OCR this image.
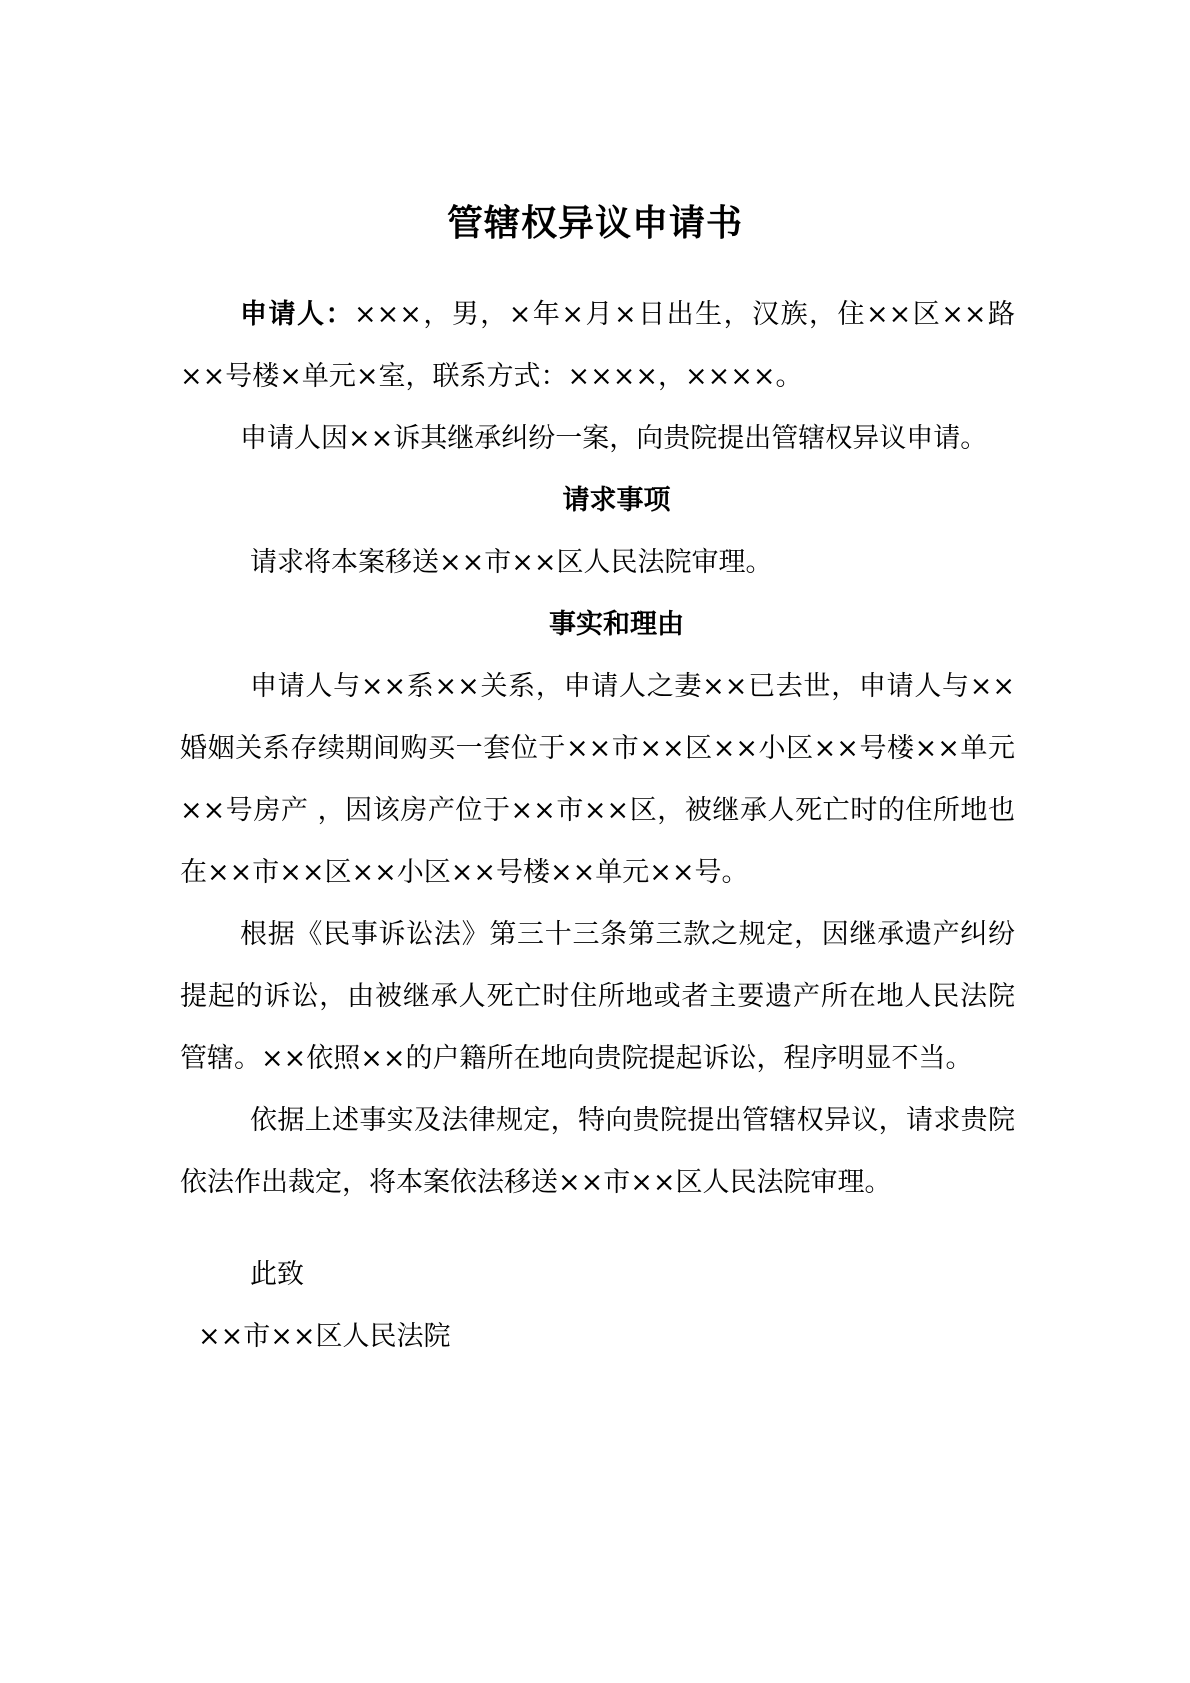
管辖权异议申请书

申请人：×××，男，×年×月×日出生，汉族，住××区××路××号楼×单元×室，联系方式：××××，××××。

申请人因××诉其继承纠纷一案，向贵院提出管辖权异议申请。

请求事项

请求将本案移送××市××区人民法院审理。

事实和理由

申请人与××系××关系，申请人之妻××已去世，申请人与××婚姻关系存续期间购买一套位于××市××区××小区××号楼××单元××号房产 ，因该房产位于××市××区，被继承人死亡时的住所地也在××市××区××小区××号楼××单元××号。

根据《民事诉讼法》第三十三条第三款之规定，因继承遗产纠纷提起的诉讼，由被继承人死亡时住所地或者主要遗产所在地人民法院管辖。××依照××的户籍所在地向贵院提起诉讼，程序明显不当。

依据上述事实及法律规定，特向贵院提出管辖权异议，请求贵院依法作出裁定，将本案依法移送××市××区人民法院审理。

此致

××市××区人民法院
